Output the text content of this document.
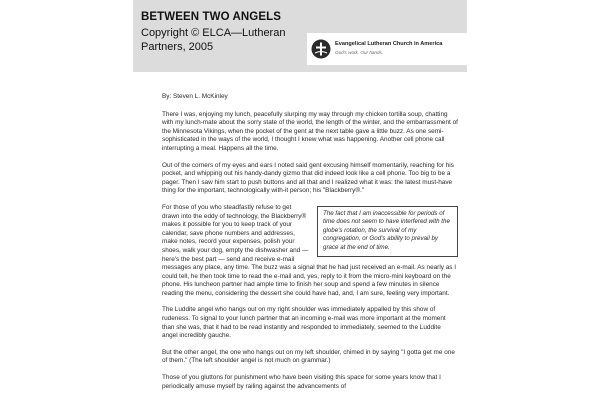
BETWEEN TWO ANGELS
Copyright © ELCA—Lutheran Partners, 2005	Evangelical Lutheran Church in America
God's work. Our hands.

By: Steven L. McKinley

There I was, enjoying my lunch, peacefully slurping my way through my chicken tortilla soup, chatting with my lunch-mate about the sorry state of the world, the length of the winter, and the embarrassment of the Minnesota Vikings, when the pocket of the gent at the next table gave a little buzz. As one semi-sophisticated in the ways of the world, I thought I knew what was happening. Another cell phone call interrupting a meal. Happens all the time.

Out of the corners of my eyes and ears I noted said gent excusing himself momentarily, reaching for his pocket, and whipping out his handy-dandy gizmo that did indeed look like a cell phone. Too big to be a pager. Then I saw him start to push buttons and all that and I realized what it was: the latest must-have thing for the important, technologically with-it person; his "Blackberry®."

The fact that I am inaccessible for periods of time does not seem to have interfered with the globe's rotation, the survival of my congregation, or God's ability to prevail by grace at the end of time.

For those of you who steadfastly refuse to get drawn into the eddy of technology, the Blackberry® makes it possible for you to keep track of your calendar, save phone numbers and addresses, make notes, record your expenses, polish your shoes, walk your dog, empty the dishwasher and — here's the best part — send and receive e-mail messages any place, any time. The buzz was a signal that he had just received an e-mail. As nearly as I could tell, he then took time to read the e-mail and, yes, reply to it from the micro-mini keyboard on the phone. His luncheon partner had ample time to finish her soup and spend a few minutes in silence reading the menu, considering the dessert she could have had, and, I am sure, feeling very important.

The Luddite angel who hangs out on my right shoulder was immediately appalled by this show of rudeness. To signal to your lunch partner that an incoming e-mail was more important at the moment than she was, that it had to be read instantly and responded to immediately, seemed to the Luddite angel incredibly gauche.

But the other angel, the one who hangs out on my left shoulder, chimed in by saying "I gotta get me one of them." (The left shoulder angel is not much on grammar.)

Those of you gluttons for punishment who have been visiting this space for some years know that I periodically amuse myself by railing against the advancements of
